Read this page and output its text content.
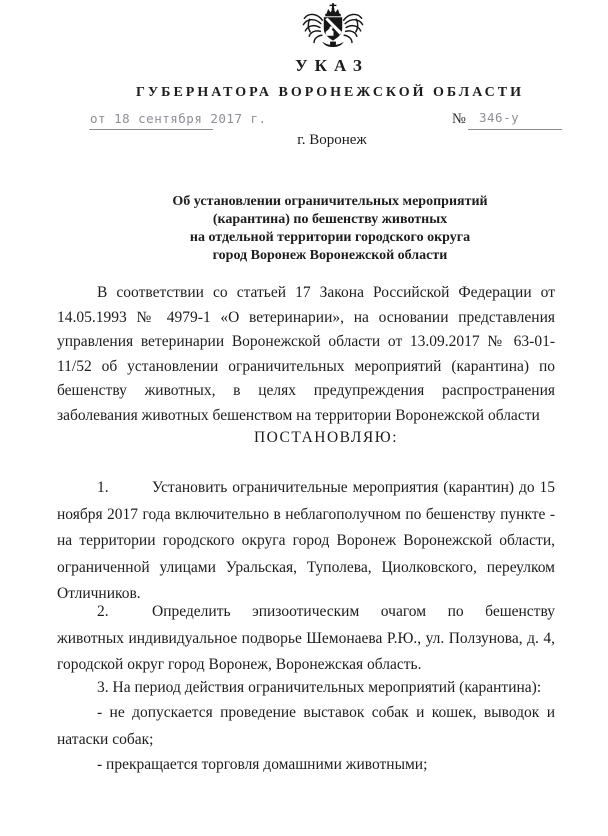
УКАЗ
ГУБЕРНАТОРА ВОРОНЕЖСКОЙ ОБЛАСТИ
от 18 сентября 2017 г.	№ 346-у
г. Воронеж
Об установлении ограничительных мероприятий
(карантина) по бешенству животных
на отдельной территории городского округа
город Воронеж Воронежской области

В соответствии со статьей 17 Закона Российской Федерации от 14.05.1993 № 4979-1 «О ветеринарии», на основании представления управления ветеринарии Воронежской области от 13.09.2017 № 63-01-11/52 об установлении ограничительных мероприятий (карантина) по бешенству животных, в целях предупреждения распространения заболевания животных бешенством на территории Воронежской области

ПОСТАНОВЛЯЮ:

1.	Установить ограничительные мероприятия (карантин) до 15 ноября 2017 года включительно в неблагополучном по бешенству пункте - на территории городского округа город Воронеж Воронежской области, ограниченной улицами Уральская, Туполева, Циолковского, переулком Отличников.

2.	Определить эпизоотическим очагом по бешенству животных индивидуальное подворье Шемонаева Р.Ю., ул. Ползунова, д. 4, городской округ город Воронеж, Воронежская область.

3. На период действия ограничительных мероприятий (карантина):

- не допускается проведение выставок собак и кошек, выводок и натаски собак;

- прекращается торговля домашними животными;
